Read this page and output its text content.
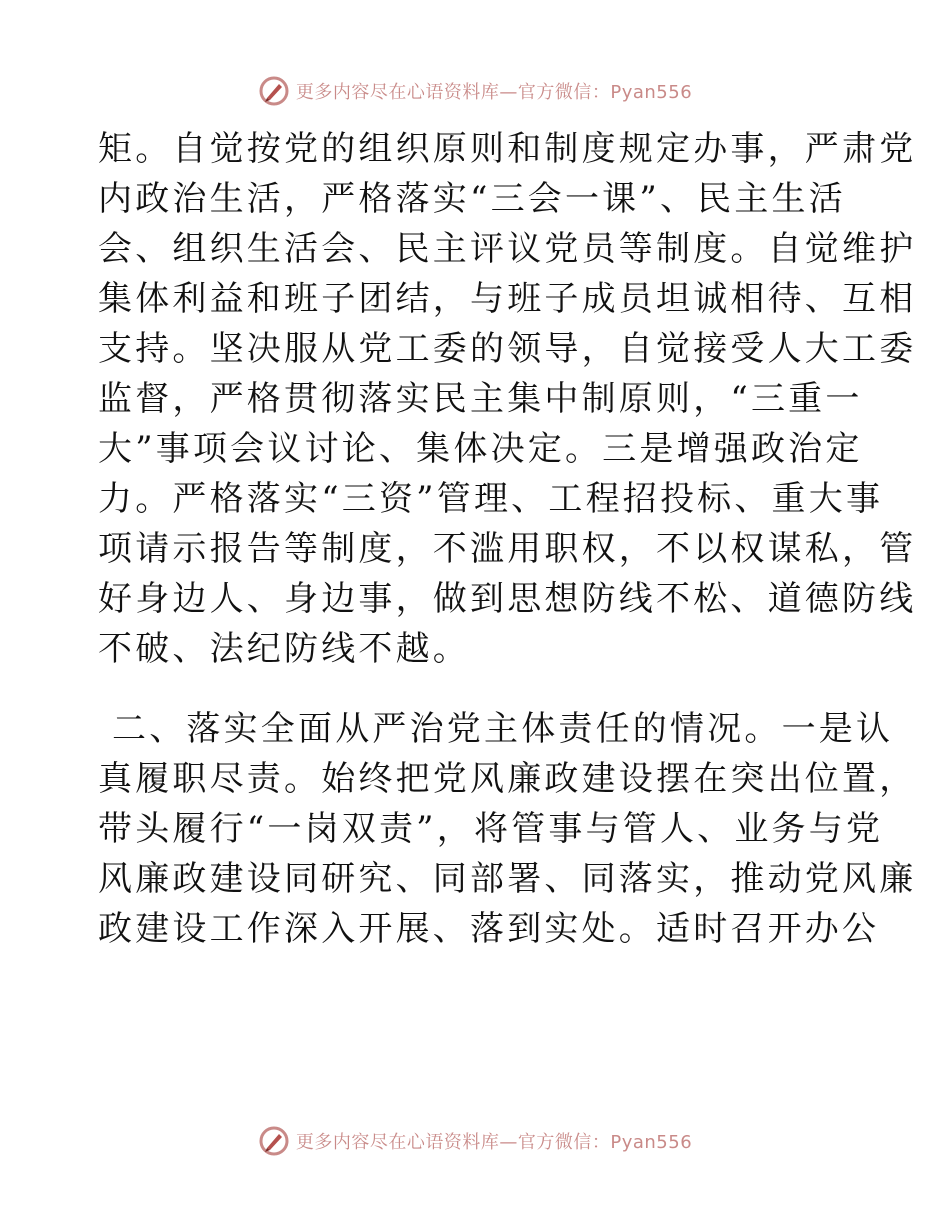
更多内容尽在心语资料库—官方微信：Pyan556

矩。自觉按党的组织原则和制度规定办事，严肃党
内政治生活，严格落实“三会一课”、民主生活
会、组织生活会、民主评议党员等制度。自觉维护
集体利益和班子团结，与班子成员坦诚相待、互相
支持。坚决服从党工委的领导，自觉接受人大工委
监督，严格贯彻落实民主集中制原则，“三重一
大”事项会议讨论、集体决定。三是增强政治定
力。严格落实“三资”管理、工程招投标、重大事
项请示报告等制度，不滥用职权，不以权谋私，管
好身边人、身边事，做到思想防线不松、道德防线
不破、法纪防线不越。

二、落实全面从严治党主体责任的情况。一是认
真履职尽责。始终把党风廉政建设摆在突出位置，
带头履行“一岗双责”，将管事与管人、业务与党
风廉政建设同研究、同部署、同落实，推动党风廉
政建设工作深入开展、落到实处。适时召开办公

更多内容尽在心语资料库—官方微信：Pyan556
